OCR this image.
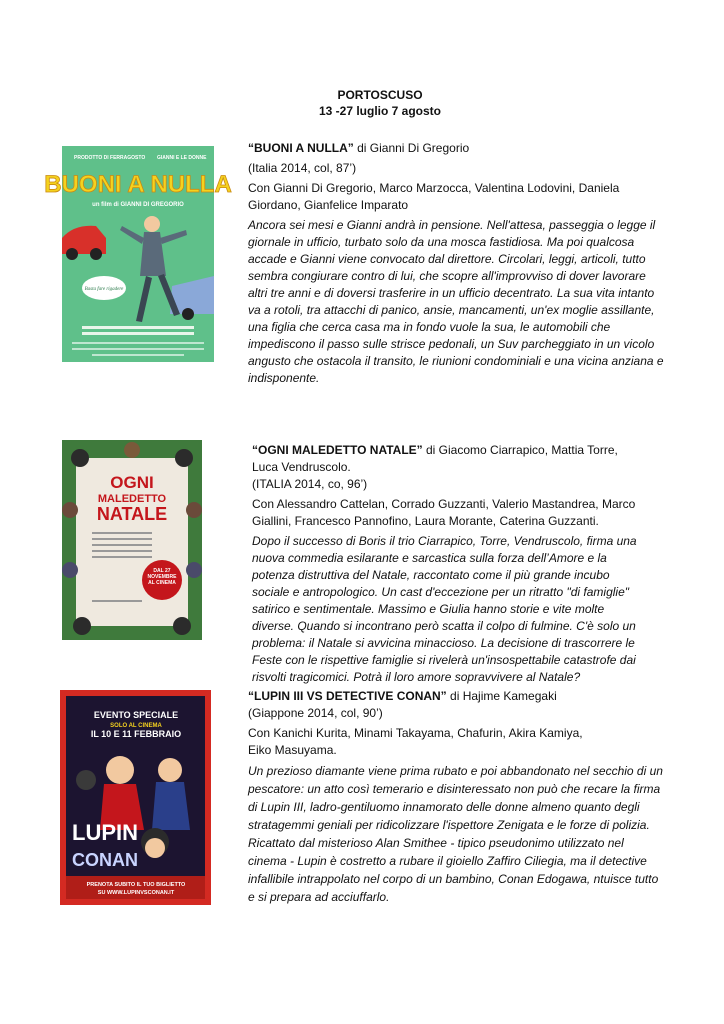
PORTOSCUSO
13 -27 luglio 7 agosto
PRODOTTO DI FERRAGOSTO GIANNI E LE DONNE
BUONI A NULLA
un film di GIANNI DI GREGORIO
Basta fare rigadere

“BUONI A NULLA” di Gianni Di Gregorio

(Italia 2014, col, 87’)

Con Gianni Di Gregorio, Marco Marzocca, Valentina Lodovini, Daniela Giordano, Gianfelice Imparato

Ancora sei mesi e Gianni andrà in pensione. Nell'attesa, passeggia o legge il giornale in ufficio, turbato solo da una mosca fastidiosa. Ma poi qualcosa accade e Gianni viene convocato dal direttore. Circolari, leggi, articoli, tutto sembra congiurare contro di lui, che scopre all'improvviso di dover lavorare altri tre anni e di doversi trasferire in un ufficio decentrato. La sua vita intanto va a rotoli, tra attacchi di panico, ansie, mancamenti, un'ex moglie assillante, una figlia che cerca casa ma in fondo vuole la sua, le automobili che impediscono il passo sulle strisce pedonali, un Suv parcheggiato in un vicolo angusto che ostacola il transito, le riunioni condominiali e una vicina anziana e indisponente.

OGNI
MALEDETTO
NATALE
DAL 27 NOVEMBRE AL CINEMA

“OGNI MALEDETTO NATALE” di Giacomo Ciarrapico, Mattia Torre, Luca Vendruscolo.

(ITALIA 2014, co, 96’)

Con Alessandro Cattelan, Corrado Guzzanti, Valerio Mastandrea, Marco Giallini, Francesco Pannofino, Laura Morante, Caterina Guzzanti.

Dopo il successo di Boris il trio Ciarrapico, Torre, Vendruscolo, firma una nuova commedia esilarante e sarcastica sulla forza dell’Amore e la potenza distruttiva del Natale, raccontato come il più grande incubo sociale e antropologico. Un cast d'eccezione per un ritratto "di famiglie" satirico e sentimentale. Massimo e Giulia hanno storie e vite molte diverse. Quando si incontrano però scatta il colpo di fulmine. C'è solo un problema: il Natale si avvicina minaccioso. La decisione di trascorrere le Feste con le rispettive famiglie si rivelerà un'insospettabile catastrofe dai risvolti tragicomici. Potrà il loro amore sopravvivere al Natale?

EVENTO SPECIALE
SOLO AL CINEMA
IL 10 E 11 FEBBRAIO
LUPIN
CONAN
PRENOTA SUBITO IL TUO BIGLIETTO
SU WWW.LUPINVSCONAN.IT

“LUPIN III VS DETECTIVE CONAN” di Hajime Kamegaki

(Giappone 2014, col, 90’)

Con Kanichi Kurita, Minami Takayama, Chafurin, Akira Kamiya, Eiko Masuyama.

Un prezioso diamante viene prima rubato e poi abbandonato nel secchio di un pescatore: un atto così temerario e disinteressato non può che recare la firma di Lupin III, ladro-gentiluomo innamorato delle donne almeno quanto degli stratagemmi geniali per ridicolizzare l'ispettore Zenigata e le forze di polizia. Ricattato dal misterioso Alan Smithee - tipico pseudonimo utilizzato nel cinema - Lupin è costretto a rubare il gioiello Zaffiro Ciliegia, ma il detective infallibile intrappolato nel corpo di un bambino, Conan Edogawa, ntuisce tutto e si prepara ad acciuffarlo.
